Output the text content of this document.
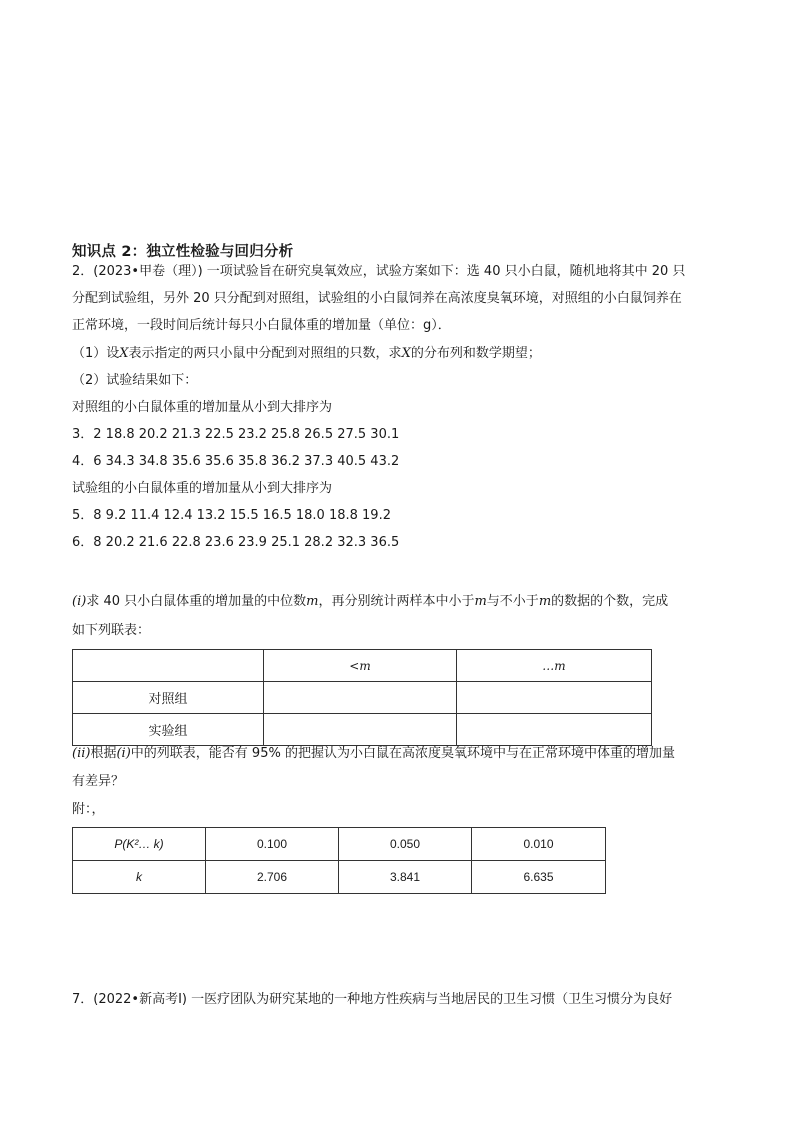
知识点 2：独立性检验与回归分析
2．(2023•甲卷（理）) 一项试验旨在研究臭氧效应，试验方案如下：选 40 只小白鼠，随机地将其中 20 只
分配到试验组，另外 20 只分配到对照组，试验组的小白鼠饲养在高浓度臭氧环境，对照组的小白鼠饲养在
正常环境，一段时间后统计每只小白鼠体重的增加量（单位：g）．
（1）设X表示指定的两只小鼠中分配到对照组的只数，求X的分布列和数学期望；
（2）试验结果如下：
对照组的小白鼠体重的增加量从小到大排序为
3．2 18.8 20.2 21.3 22.5 23.2 25.8 26.5 27.5 30.1
4．6 34.3 34.8 35.6 35.6 35.8 36.2 37.3 40.5 43.2
试验组的小白鼠体重的增加量从小到大排序为
5．8 9.2 11.4 12.4 13.2 15.5 16.5 18.0 18.8 19.2
6．8 20.2 21.6 22.8 23.6 23.9 25.1 28.2 32.3 36.5
(i)求 40 只小白鼠体重的增加量的中位数m，再分别统计两样本中小于m与不小于m的数据的个数，完成
如下列联表：
	<m	…m
对照组		
实验组		
(ii)根据(i)中的列联表，能否有 95% 的把握认为小白鼠在高浓度臭氧环境中与在正常环境中体重的增加量
有差异？
附：，
P(K²… k)	0.100	0.050	0.010
k	2.706	3.841	6.635
7．(2022•新高考Ⅰ) 一医疗团队为研究某地的一种地方性疾病与当地居民的卫生习惯（卫生习惯分为良好
